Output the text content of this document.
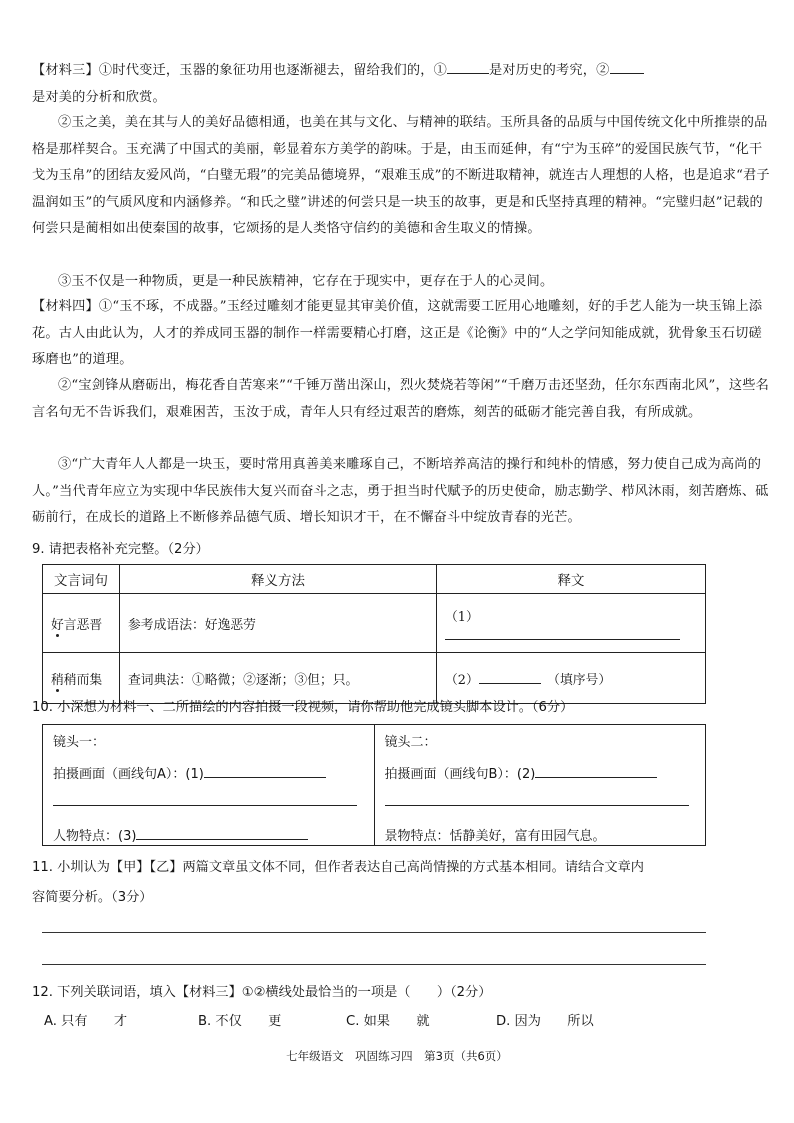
【材料三】①时代变迁，玉器的象征功用也逐渐褪去，留给我们的，①	是对历史的考究，②
是对美的分析和欣赏。
②玉之美，美在其与人的美好品德相通，也美在其与文化、与精神的联结。玉所具备的品质与中国传统文化中所推崇的品格是那样契合。玉充满了中国式的美丽，彰显着东方美学的韵味。于是，由玉而延伸，有“宁为玉碎”的爱国民族气节，“化干戈为玉帛”的团结友爱风尚，“白璧无瑕”的完美品德境界，“艰难玉成”的不断进取精神，就连古人理想的人格，也是追求“君子温润如玉”的气质风度和内涵修养。“和氏之璧”讲述的何尝只是一块玉的故事，更是和氏坚持真理的精神。“完璧归赵”记载的何尝只是蔺相如出使秦国的故事，它颂扬的是人类恪守信约的美德和舍生取义的情操。
③玉不仅是一种物质，更是一种民族精神，它存在于现实中，更存在于人的心灵间。
【材料四】①“玉不琢，不成器。”玉经过雕刻才能更显其审美价值，这就需要工匠用心地雕刻，好的手艺人能为一块玉锦上添花。古人由此认为，人才的养成同玉器的制作一样需要精心打磨，这正是《论衡》中的“人之学问知能成就，犹骨象玉石切磋琢磨也”的道理。
②“宝剑锋从磨砺出，梅花香自苦寒来”“千锤万凿出深山，烈火焚烧若等闲”“千磨万击还坚劲，任尔东西南北风”，这些名言名句无不告诉我们，艰难困苦，玉汝于成，青年人只有经过艰苦的磨炼，刻苦的砥砺才能完善自我，有所成就。
③“广大青年人人都是一块玉，要时常用真善美来雕琢自己，不断培养高洁的操行和纯朴的情感，努力使自己成为高尚的人。”当代青年应立为实现中华民族伟大复兴而奋斗之志，勇于担当时代赋予的历史使命，励志勤学、栉风沐雨，刻苦磨炼、砥砺前行，在成长的道路上不断修养品德气质、增长知识才干，在不懈奋斗中绽放青春的光芒。
9. 请把表格补充完整。（2分）
文言词句	释义方法	释文
好言恶晋	参考成语法：好逸恶劳	（1）
稍稍而集	查词典法：①略微；②逐渐；③但；只。	（2）　 （填序号）
10. 小深想为材料一、二所描绘的内容拍摄一段视频，请你帮助他完成镜头脚本设计。（6分）
镜头一：
拍摄画面（画线句A）：(1)
人物特点：(3)

镜头二：
拍摄画面（画线句B）：(2)
景物特点：恬静美好，富有田园气息。
11. 小圳认为【甲】【乙】两篇文章虽文体不同，但作者表达自己高尚情操的方式基本相同。请结合文章内
容简要分析。（3分）
12. 下列关联词语，填入【材料三】①②横线处最恰当的一项是（　　）（2分）
A. 只有　　才	B. 不仅　　更	C. 如果　　就	D. 因为　　所以
七年级语文　巩固练习四　第3页（共6页）
